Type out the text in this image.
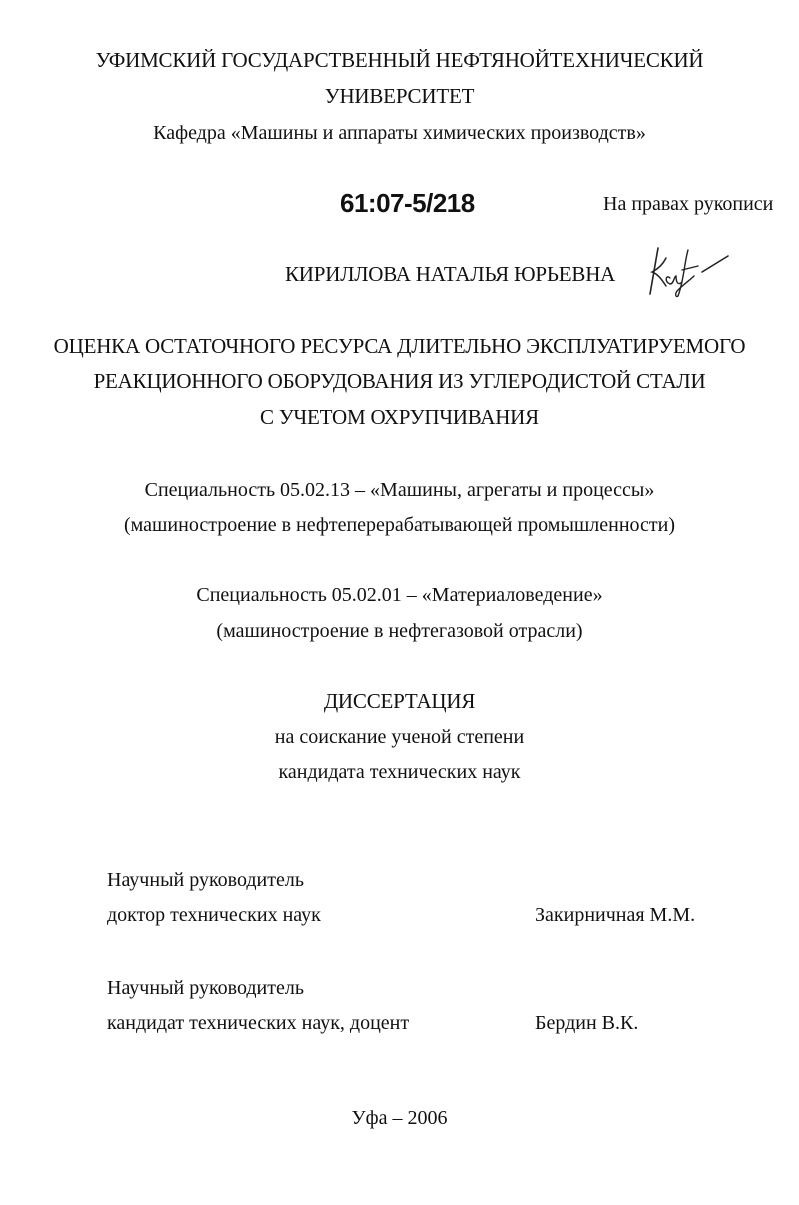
УФИМСКИЙ ГОСУДАРСТВЕННЫЙ НЕФТЯНОЙТЕХНИЧЕСКИЙ
УНИВЕРСИТЕТ
Кафедра «Машины и аппараты химических производств»
61:07-5/218	На правах рукописи
КИРИЛЛОВА НАТАЛЬЯ ЮРЬЕВНА
ОЦЕНКА ОСТАТОЧНОГО РЕСУРСА ДЛИТЕЛЬНО ЭКСПЛУАТИРУЕМОГО
РЕАКЦИОННОГО ОБОРУДОВАНИЯ ИЗ УГЛЕРОДИСТОЙ СТАЛИ
С УЧЕТОМ ОХРУПЧИВАНИЯ
Специальность 05.02.13 – «Машины, агрегаты и процессы»
(машиностроение в нефтеперерабатывающей промышленности)
Специальность 05.02.01 – «Материаловедение»
(машиностроение в нефтегазовой отрасли)
ДИССЕРТАЦИЯ
на соискание ученой степени
кандидата технических наук
Научный руководитель
доктор технических наук	Закирничная М.М.
Научный руководитель
кандидат технических наук, доцент	Бердин В.К.
Уфа – 2006
